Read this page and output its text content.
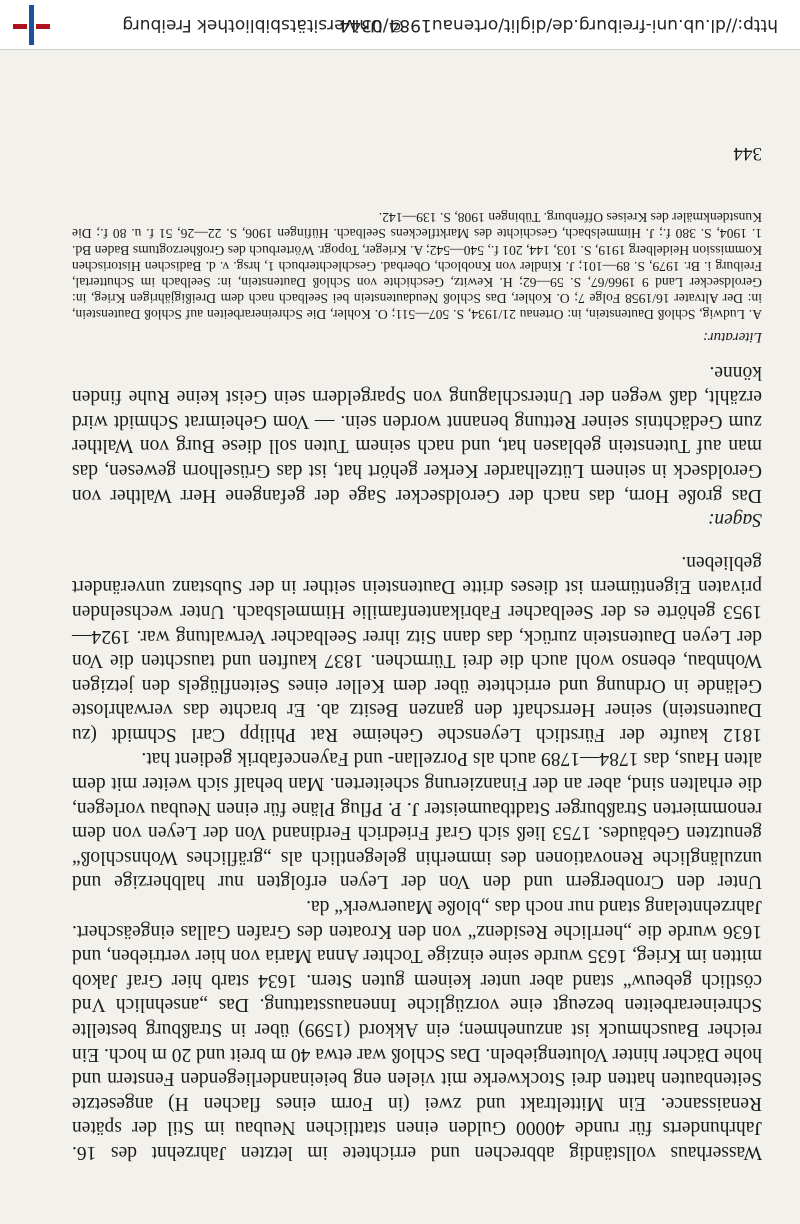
Wasserhaus vollständig abbrechen und errichtete im letzten Jahrzehnt des 16. Jahrhunderts für runde 40000 Gulden einen stattlichen Neubau im Stil der späten Renaissance. Ein Mitteltrakt und zwei (in Form eines flachen H) angesetzte Seitenbauten hatten drei Stockwerke mit vielen eng beieinanderliegenden Fenstern und hohe Dächer hinter Volutengiebeln. Das Schloß war etwa 40 m breit und 20 m hoch. Ein reicher Bauschmuck ist anzunehmen; ein Akkord (1599) über in Straßburg bestellte Schreinerarbeiten bezeugt eine vorzügliche Innenausstattung. Das „ansehnlich Vnd cöstlich gebeuw“ stand aber unter keinem guten Stern. 1634 starb hier Graf Jakob mitten im Krieg, 1635 wurde seine einzige Tochter Anna Maria von hier vertrieben, und 1636 wurde die „herrliche Residenz“ von den Kroaten des Grafen Gallas eingeäschert. Jahrzehntelang stand nur noch das „bloße Mauerwerk“ da.

Unter den Cronbergern und den Von der Leyen erfolgten nur halbherzige und unzulängliche Renovationen des immerhin gelegentlich als „gräfliches Wohnschloß“ genutzten Gebäudes. 1753 ließ sich Graf Friedrich Ferdinand Von der Leyen von dem renommierten Straßburger Stadtbaumeister J. P. Pflug Pläne für einen Neubau vorlegen, die erhalten sind, aber an der Finanzierung scheiterten. Man behalf sich weiter mit dem alten Haus, das 1784—1789 auch als Porzellan- und Fayencefabrik gedient hat.

1812 kaufte der Fürstlich Leyensche Geheime Rat Philipp Carl Schmidt (zu Dautenstein) seiner Herrschaft den ganzen Besitz ab. Er brachte das verwahrloste Gelände in Ordnung und errichtete über dem Keller eines Seitenflügels den jetzigen Wohnbau, ebenso wohl auch die drei Türmchen. 1837 kauften und tauschten die Von der Leyen Dautenstein zurück, das dann Sitz ihrer Seelbacher Verwaltung war. 1924—1953 gehörte es der Seelbacher Fabrikantenfamilie Himmelsbach. Unter wechselnden privaten Eigentümern ist dieses dritte Dautenstein seither in der Substanz unverändert geblieben.

Sagen:

Das große Horn, das nach der Geroldsecker Sage der gefangene Herr Walther von Geroldseck in seinem Lützelharder Kerker gehört hat, ist das Grüselhorn gewesen, das man auf Tutenstein geblasen hat, und nach seinem Tuten soll diese Burg von Walther zum Gedächtnis seiner Rettung benannt worden sein. — Vom Geheimrat Schmidt wird erzählt, daß wegen der Unterschlagung von Spargeldern sein Geist keine Ruhe finden könne.

Literatur:

A. Ludwig, Schloß Dautenstein, in: Ortenau 21/1934, S. 507—511; O. Kohler, Die Schreinerarbeiten auf Schloß Dautenstein, in: Der Altvater 16/1958 Folge 7; O. Kohler, Das Schloß Neudautenstein bei Seelbach nach dem Dreißigjährigen Krieg, in: Geroldsecker Land 9 1966/67, S. 59—62; H. Kewitz, Geschichte von Schloß Dautenstein, in: Seelbach im Schuttertal, Freiburg i. Br. 1979, S. 89—101; J. Kindler von Knobloch, Oberbad. Geschlechterbuch 1, hrsg. v. d. Badischen Historischen Kommission Heidelberg 1919, S. 103, 144, 201 f., 540—542; A. Krieger, Topogr. Wörterbuch des Großherzogtums Baden Bd. 1. 1904, S. 380 f.; J. Himmelsbach, Geschichte des Marktfleckens Seelbach. Hüfingen 1906, S. 22—26, 51 f. u. 80 f.; Die Kunstdenkmäler des Kreises Offenburg. Tübingen 1908, S. 139—142.

344
http://dl.ub.uni-freiburg.de/diglit/ortenau1984/0344
© Universitätsbibliothek Freiburg
